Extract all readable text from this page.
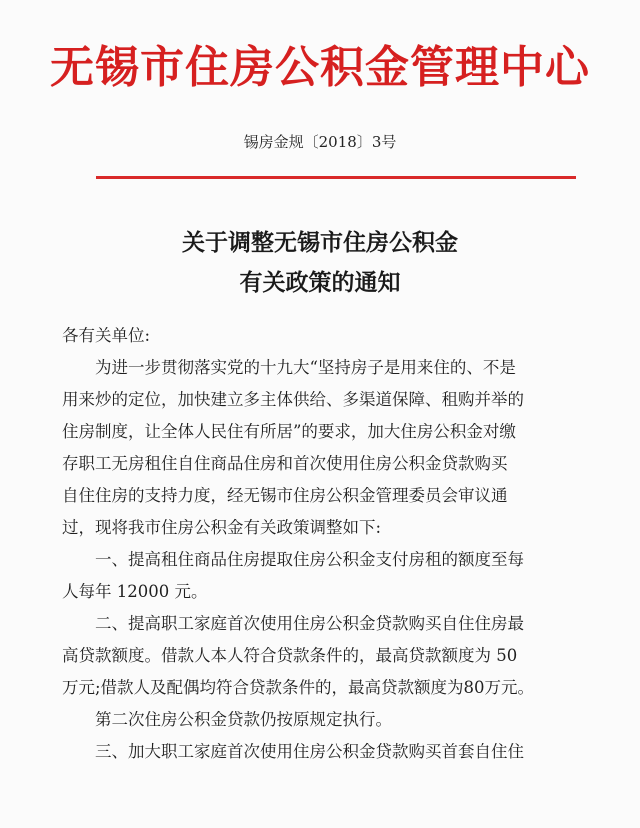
无锡市住房公积金管理中心
锡房金规〔2018〕3号
关于调整无锡市住房公积金
有关政策的通知

各有关单位:

为进一步贯彻落实党的十九大“坚持房子是用来住的、不是
用来炒的定位，加快建立多主体供给、多渠道保障、租购并举的
住房制度，让全体人民住有所居”的要求，加大住房公积金对缴
存职工无房租住自住商品住房和首次使用住房公积金贷款购买
自住住房的支持力度，经无锡市住房公积金管理委员会审议通
过，现将我市住房公积金有关政策调整如下:

一、提高租住商品住房提取住房公积金支付房租的额度至每
人每年 12000 元。

二、提高职工家庭首次使用住房公积金贷款购买自住住房最
高贷款额度。借款人本人符合贷款条件的，最高贷款额度为 50
万元;借款人及配偶均符合贷款条件的，最高贷款额度为80万元。

第二次住房公积金贷款仍按原规定执行。

三、加大职工家庭首次使用住房公积金贷款购买首套自住住
